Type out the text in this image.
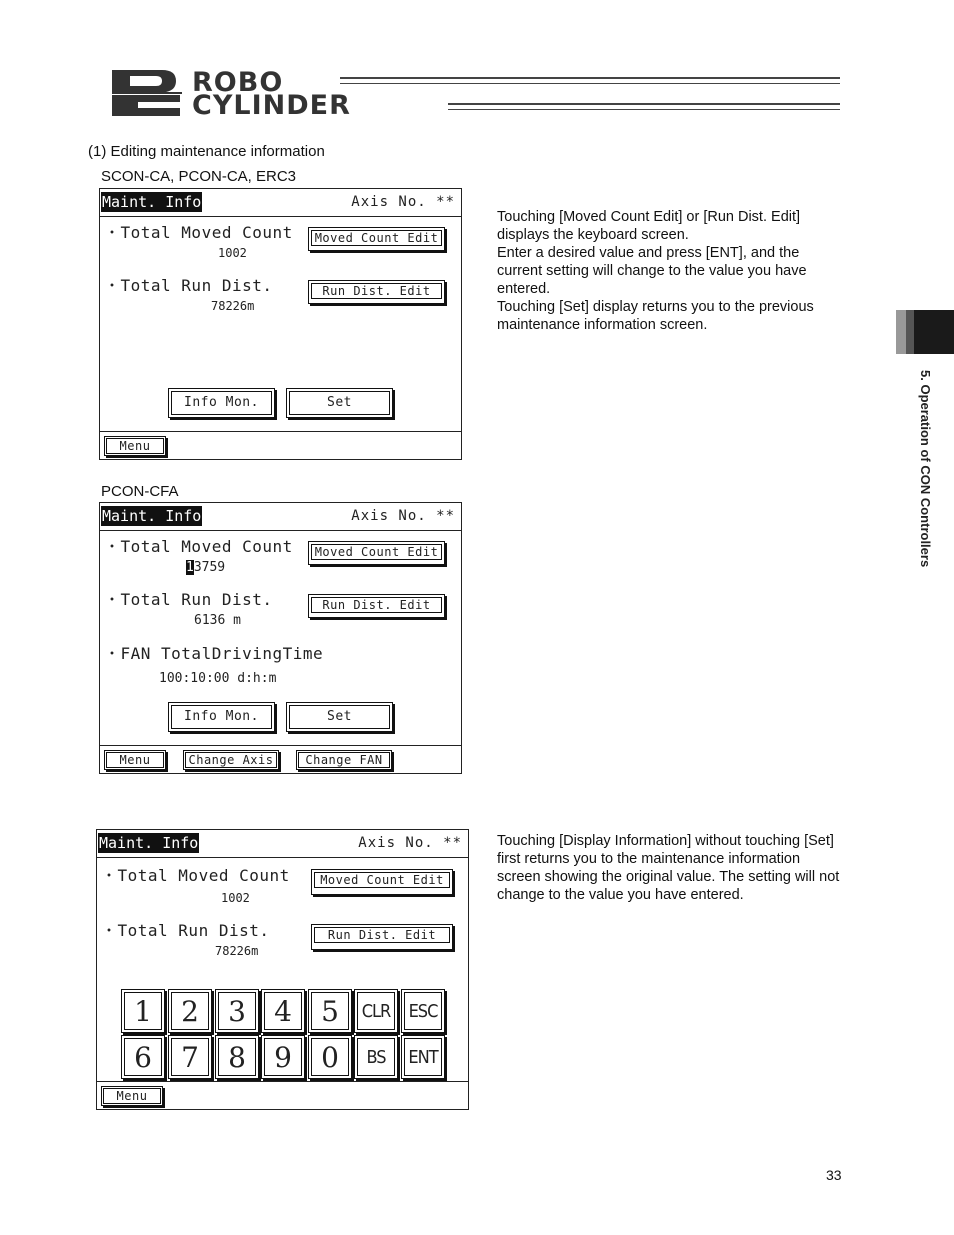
ROBO
CYLINDER
(1) Editing maintenance information
5. Operation of CON Controllers
SCON-CA, PCON-CA, ERC3
Maint. Info	Axis No. **
・Total Moved Count
1002
Moved Count Edit
・Total Run Dist.
78226m
Run Dist. Edit
Info Mon.	Set
Menu
Touching [Moved Count Edit] or [Run Dist. Edit]
displays the keyboard screen.
Enter a desired value and press [ENT], and the
current setting will change to the value you have
entered.
Touching [Set] display returns you to the previous
maintenance information screen.
PCON-CFA
Maint. Info	Axis No. **
・Total Moved Count
13759
Moved Count Edit
・Total Run Dist.
6136 m
Run Dist. Edit
・FAN TotalDrivingTime
100:10:00 d:h:m
Info Mon.	Set
Menu	Change Axis	Change FAN
Maint. Info	Axis No. **
・Total Moved Count
1002
Moved Count Edit
・Total Run Dist.
78226m
Run Dist. Edit
1	2	3	4	5	CLR ESC
6	7	8	9	0	BS	ENT
Menu
Touching [Display Information] without touching [Set]
first returns you to the maintenance information
screen showing the original value. The setting will not
change to the value you have entered.
33
